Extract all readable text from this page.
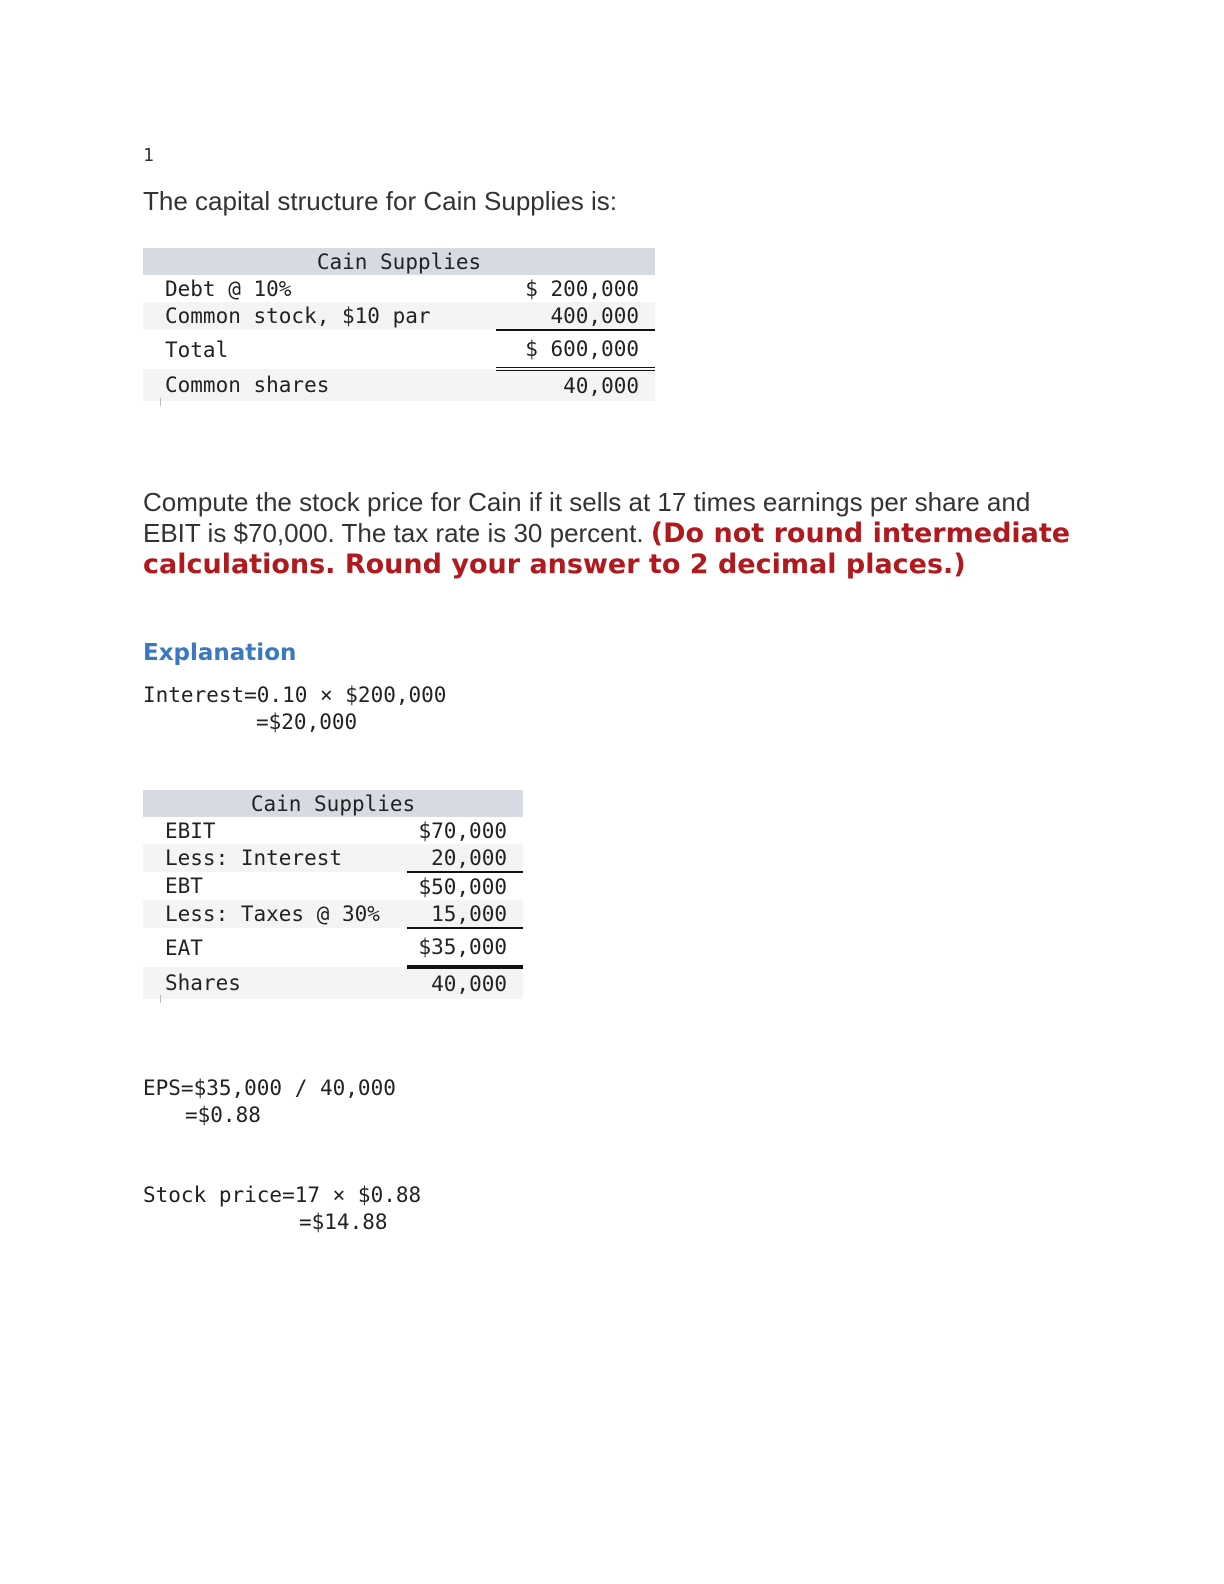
1
The capital structure for Cain Supplies is:
Cain Supplies	
Debt @ 10%	$ 200,000
Common stock, $10 par	400,000
Total	$ 600,000
Common shares	40,000
Compute the stock price for Cain if it sells at 17 times earnings per share and EBIT is $70,000. The tax rate is 30 percent. (Do not round intermediate calculations. Round your answer to 2 decimal places.)
Explanation
Interest=0.10 × $200,000
=$20,000
Cain Supplies	
EBIT	$70,000
Less: Interest	20,000
EBT	$50,000
Less: Taxes @ 30%	15,000
EAT	$35,000
Shares	40,000
EPS=$35,000 / 40,000
=$0.88
Stock price=17 × $0.88
=$14.88
